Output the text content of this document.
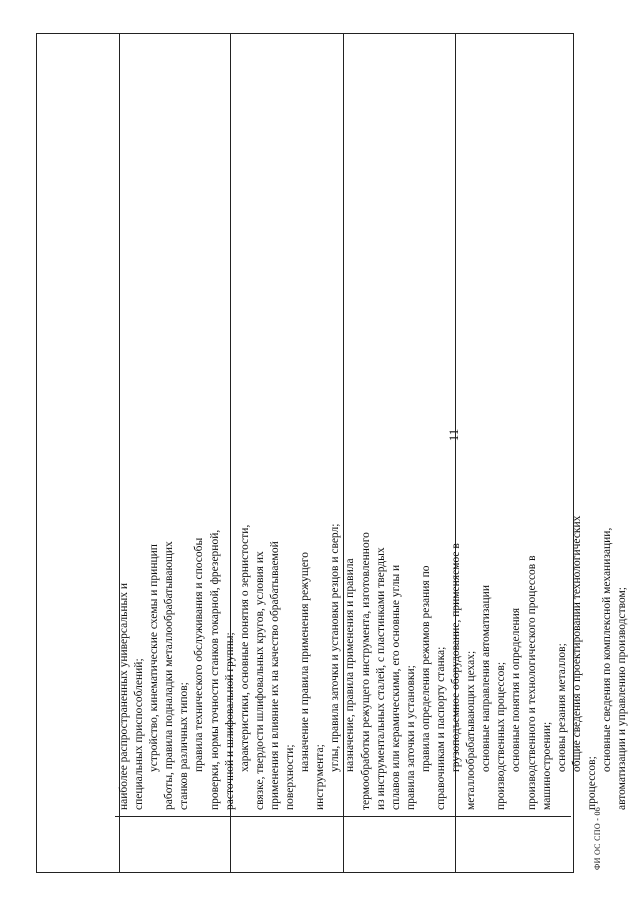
11
наиболее распространенных универсальных и специальных приспособлений; устройство, кинематические схемы и принцип работы, правила подналадки металлообрабатывающих станков различных типов; правила технического обслуживания и способы проверки, нормы точности станков токарной, фрезерной, расточной и шлифовальной группы; характеристики, основные понятия о зернистости, связке, твердости шлифовальных кругов, условия их применения и влияние их на качество обрабатываемой поверхности;
назначение и правила применения режущего
инструмента;
углы, правила заточки и установки резцов и сверл; назначение, правила применения и правила термообработки режущего инструмента, изготовленного из инструментальных сталей, с пластинками твердых сплавов или керамическими, его основные углы и правила заточки и установки; правила определения режимов резания по справочникам и паспорту станка; грузоподъемное оборудование, применяемое в металлообрабатывающих цехах; основные направления автоматизации производственных процессов; основные понятия и определения производственного и технологического процессов в машиностроении; основы резания металлов; общие сведения о проектировании технологических
процессов;
основные сведения по комплексной механизации, автоматизации и управлению производством;
ФИ ОС СПО - 06
